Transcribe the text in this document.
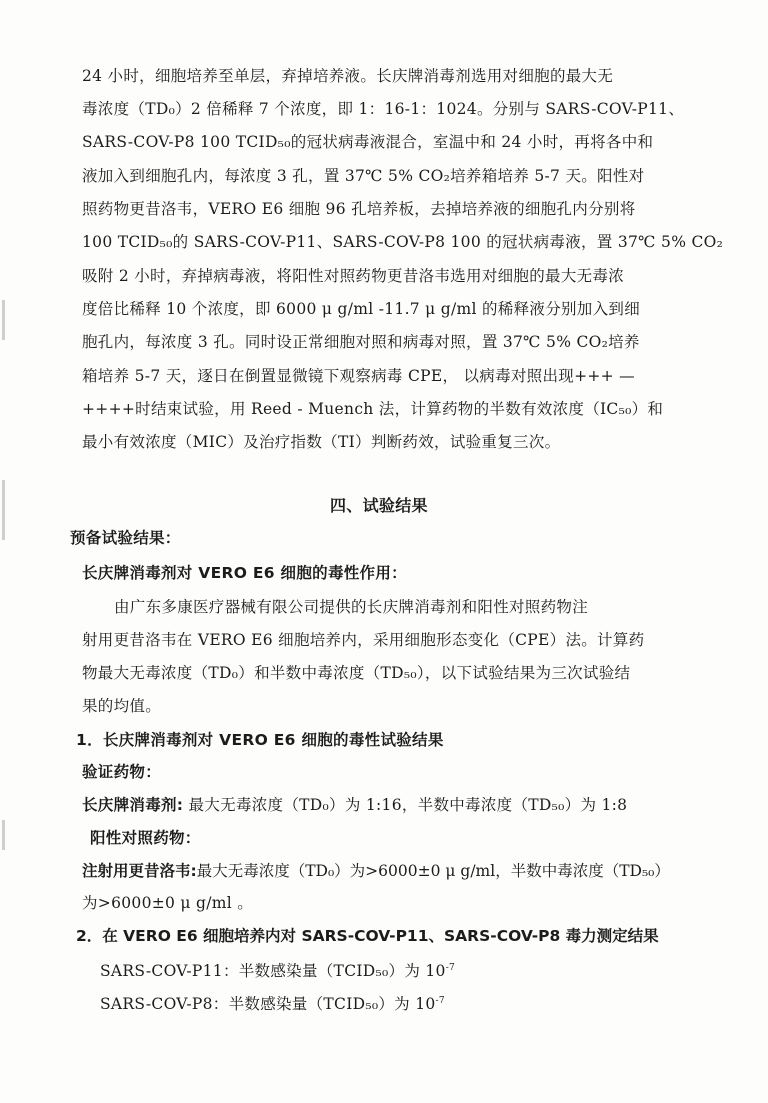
24 小时，细胞培养至单层，弃掉培养液。长庆牌消毒剂选用对细胞的最大无
毒浓度（TD₀）2 倍稀释 7 个浓度，即 1：16-1：1024。分别与 SARS-COV-P11、
SARS-COV-P8 100 TCID₅₀的冠状病毒液混合，室温中和 24 小时，再将各中和
液加入到细胞孔内，每浓度 3 孔，置 37℃ 5% CO₂培养箱培养 5-7 天。阳性对
照药物更昔洛韦，VERO E6 细胞 96 孔培养板，去掉培养液的细胞孔内分别将
100 TCID₅₀的 SARS-COV-P11、SARS-COV-P8 100 的冠状病毒液，置 37℃ 5% CO₂
吸附 2 小时，弃掉病毒液，将阳性对照药物更昔洛韦选用对细胞的最大无毒浓
度倍比稀释 10 个浓度，即 6000 μ g/ml -11.7 μ g/ml 的稀释液分别加入到细
胞孔内，每浓度 3 孔。同时设正常细胞对照和病毒对照，置 37℃ 5% CO₂培养
箱培养 5-7 天，逐日在倒置显微镜下观察病毒 CPE， 以病毒对照出现+++ —
++++时结束试验，用 Reed - Muench 法，计算药物的半数有效浓度（IC₅₀）和
最小有效浓度（MIC）及治疗指数（TI）判断药效，试验重复三次。
四、试验结果
预备试验结果：
长庆牌消毒剂对 VERO E6 细胞的毒性作用：
由广东多康医疗器械有限公司提供的长庆牌消毒剂和阳性对照药物注
射用更昔洛韦在 VERO E6 细胞培养内，采用细胞形态变化（CPE）法。计算药
物最大无毒浓度（TD₀）和半数中毒浓度（TD₅₀），以下试验结果为三次试验结
果的均值。
1．长庆牌消毒剂对 VERO E6 细胞的毒性试验结果
验证药物：
长庆牌消毒剂: 最大无毒浓度（TD₀）为 1:16，半数中毒浓度（TD₅₀）为 1:8
阳性对照药物：
注射用更昔洛韦:最大无毒浓度（TD₀）为>6000±0 μ g/ml，半数中毒浓度（TD₅₀）
为>6000±0 μ g/ml 。
2．在 VERO E6 细胞培养内对 SARS-COV-P11、SARS-COV-P8 毒力测定结果
SARS-COV-P11：半数感染量（TCID₅₀）为 $10^{-7}$
SARS-COV-P8：半数感染量（TCID₅₀）为 $10^{-7}$
